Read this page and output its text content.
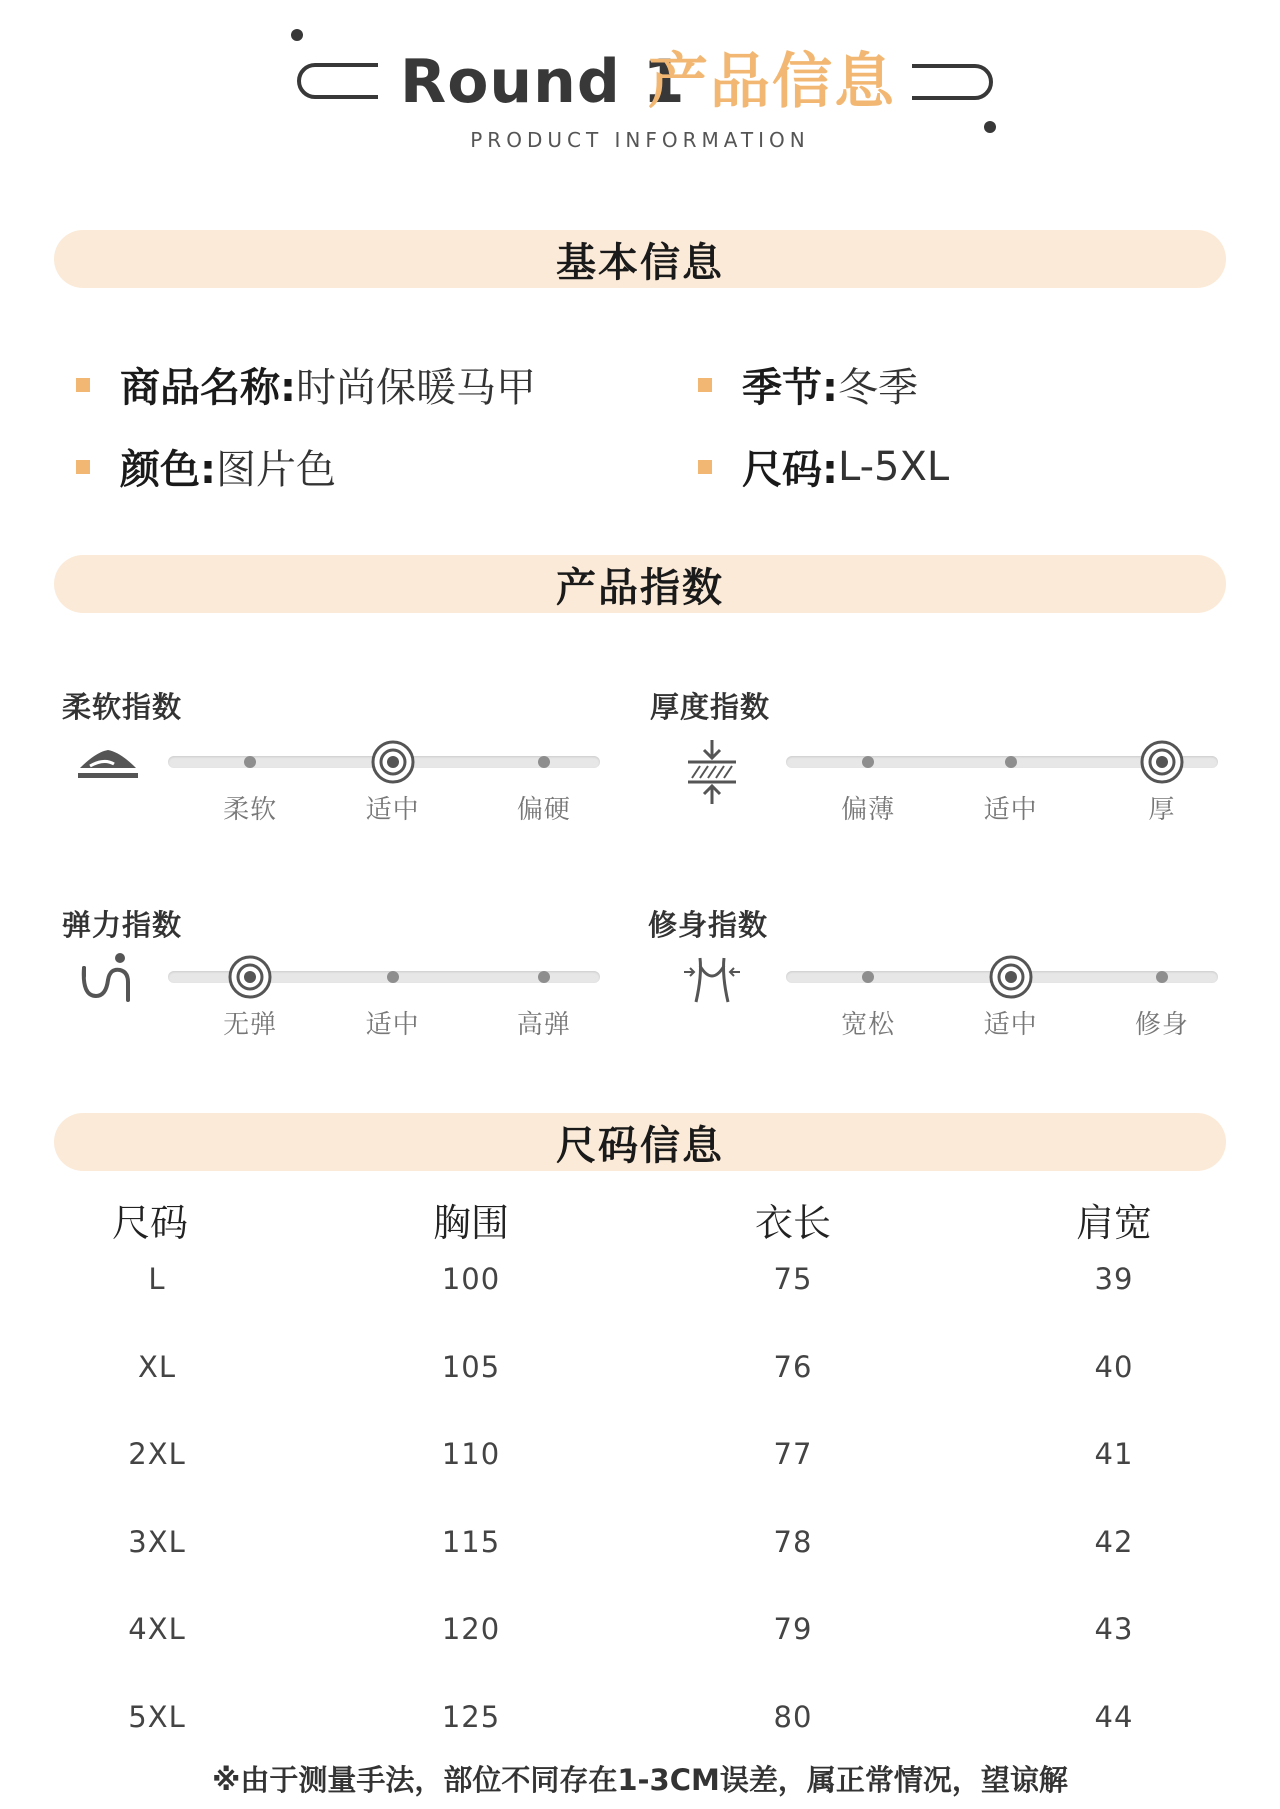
Round 1
产品信息
PRODUCT INFORMATION
基本信息
商品名称: 时尚保暖马甲	季节: 冬季
颜色: 图片色	尺码: L-5XL
产品指数
柔软指数	厚度指数
弹力指数	修身指数
尺码信息
尺码	胸围	衣长	肩宽
L	100	75	39
XL	105	76	40
2XL	110	77	41
3XL	115	78	42
4XL	120	79	43
5XL	125	80	44
※由于测量手法，部位不同存在1-3CM误差，属正常情况，望谅解
柔软	适中	偏硬	偏薄	适中	厚
无弹	适中	高弹	宽松	适中	修身
